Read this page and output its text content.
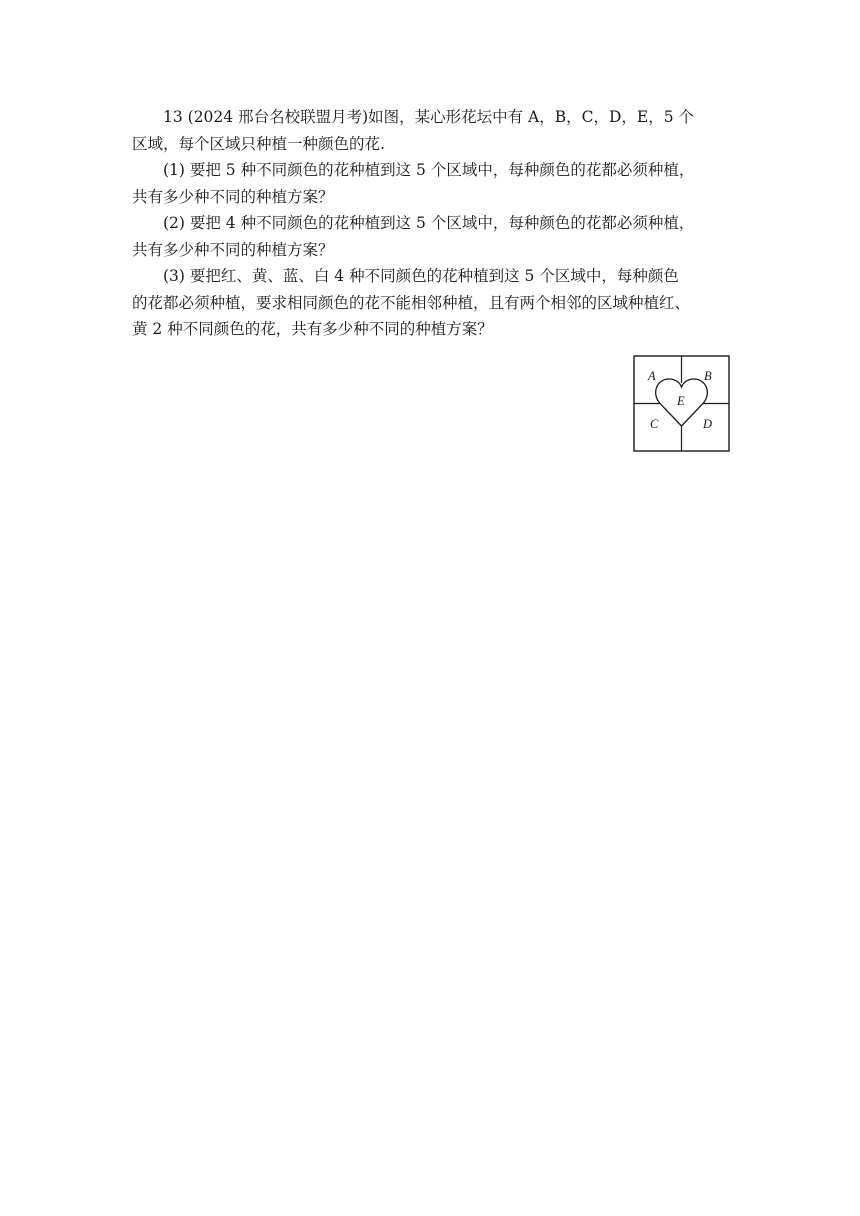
13 (2024 邢台名校联盟月考)如图，某心形花坛中有 A，B，C，D，E，5 个

区域，每个区域只种植一种颜色的花.

(1) 要把 5 种不同颜色的花种植到这 5 个区域中，每种颜色的花都必须种植，

共有多少种不同的种植方案？

(2) 要把 4 种不同颜色的花种植到这 5 个区域中，每种颜色的花都必须种植，

共有多少种不同的种植方案？

(3) 要把红、黄、蓝、白 4 种不同颜色的花种植到这 5 个区域中，每种颜色

的花都必须种植，要求相同颜色的花不能相邻种植，且有两个相邻的区域种植红、

黄 2 种不同颜色的花，共有多少种不同的种植方案？

A	B
E
C	D
